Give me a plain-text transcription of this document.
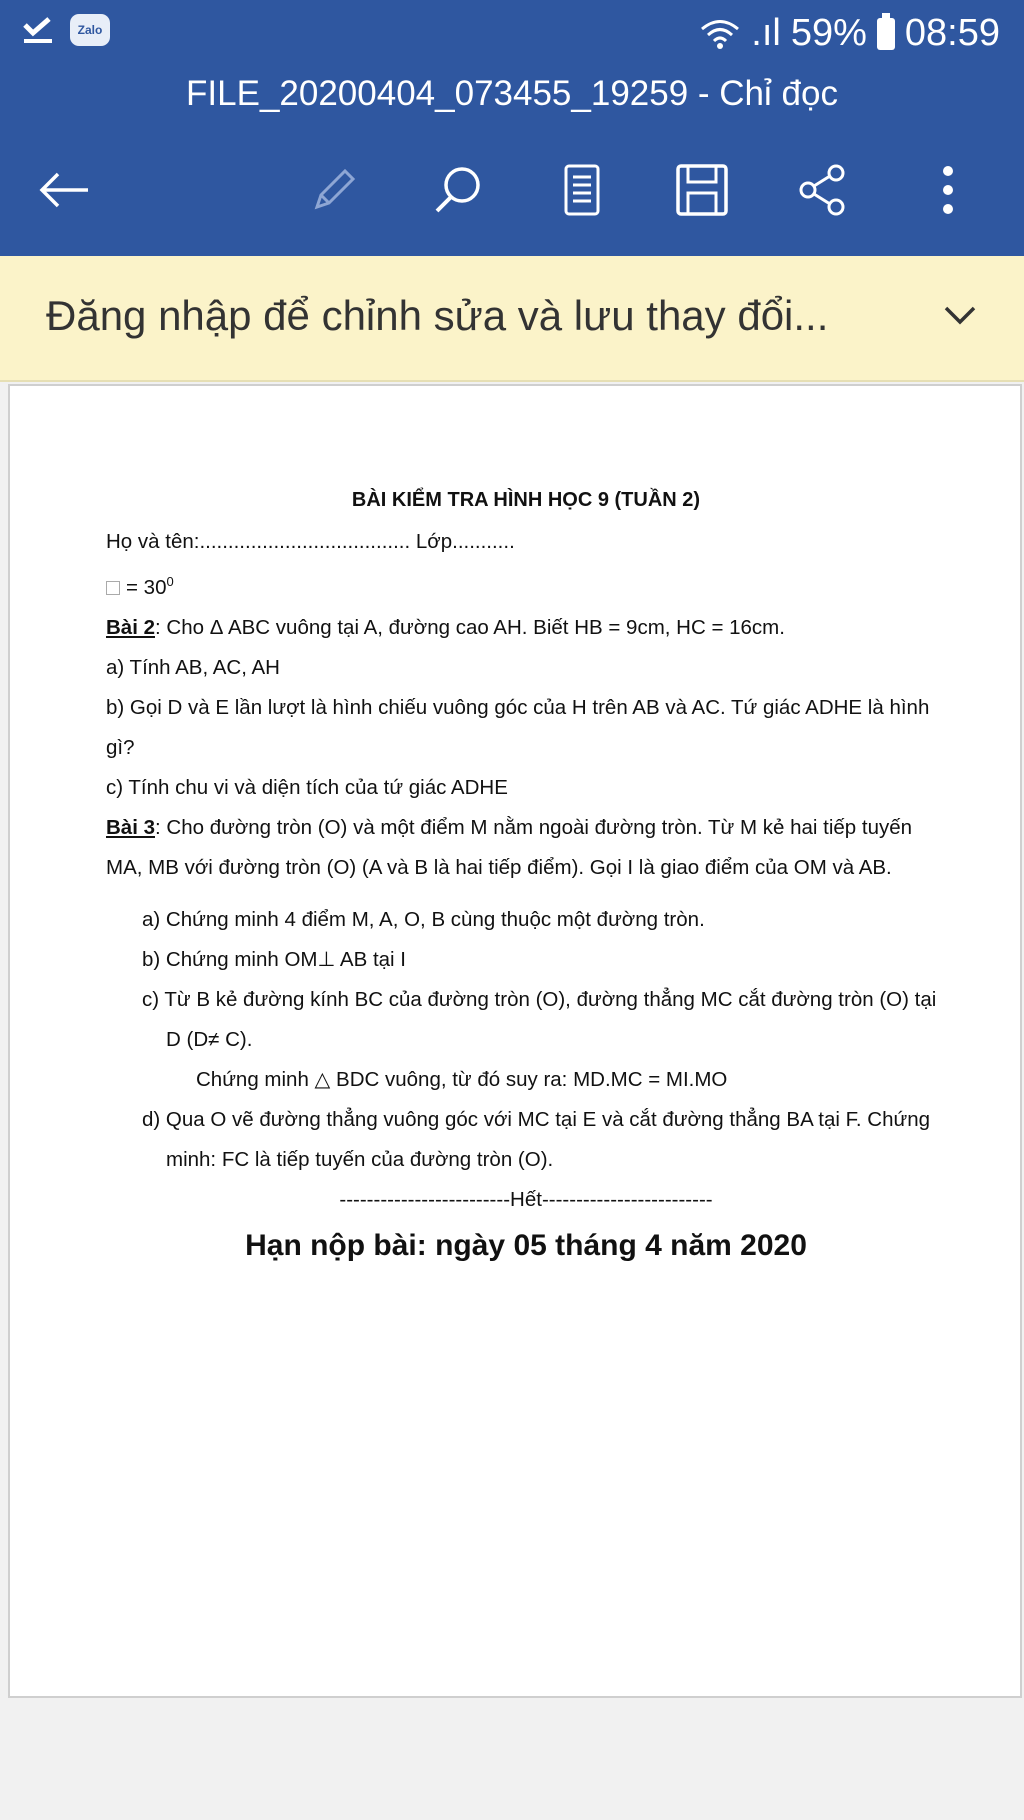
Zalo	.ıl 59% 08:59
FILE_20200404_073455_19259 - Chỉ đọc
Đăng nhập để chỉnh sửa và lưu thay đổi...

BÀI KIỂM TRA HÌNH HỌC 9 (TUẦN 2)

Họ và tên:..................................... Lớp...........

= $30^0$

Bài 2: Cho Δ ABC vuông tại A, đường cao AH. Biết HB = 9cm, HC = 16cm.

a) Tính AB, AC, AH

b) Gọi D và E lần lượt là hình chiếu vuông góc của H trên AB và AC. Tứ giác ADHE là hình gì?

c) Tính chu vi và diện tích của tứ giác ADHE

Bài 3: Cho đường tròn (O) và một điểm M nằm ngoài đường tròn. Từ M kẻ hai tiếp tuyến MA, MB với đường tròn (O) (A và B là hai tiếp điểm). Gọi I là giao điểm của OM và AB.

a) Chứng minh 4 điểm M, A, O, B cùng thuộc một đường tròn.

b) Chứng minh OM⊥ AB tại I

c) Từ B kẻ đường kính BC của đường tròn (O), đường thẳng MC cắt đường tròn (O) tại D (D≠ C).

Chứng minh △ BDC vuông, từ đó suy ra: MD.MC = MI.MO

d) Qua O vẽ đường thẳng vuông góc với MC tại E và cắt đường thẳng BA tại F. Chứng minh: FC là tiếp tuyến của đường tròn (O).

-------------------------Hết-------------------------

Hạn nộp bài: ngày 05 tháng 4 năm 2020
